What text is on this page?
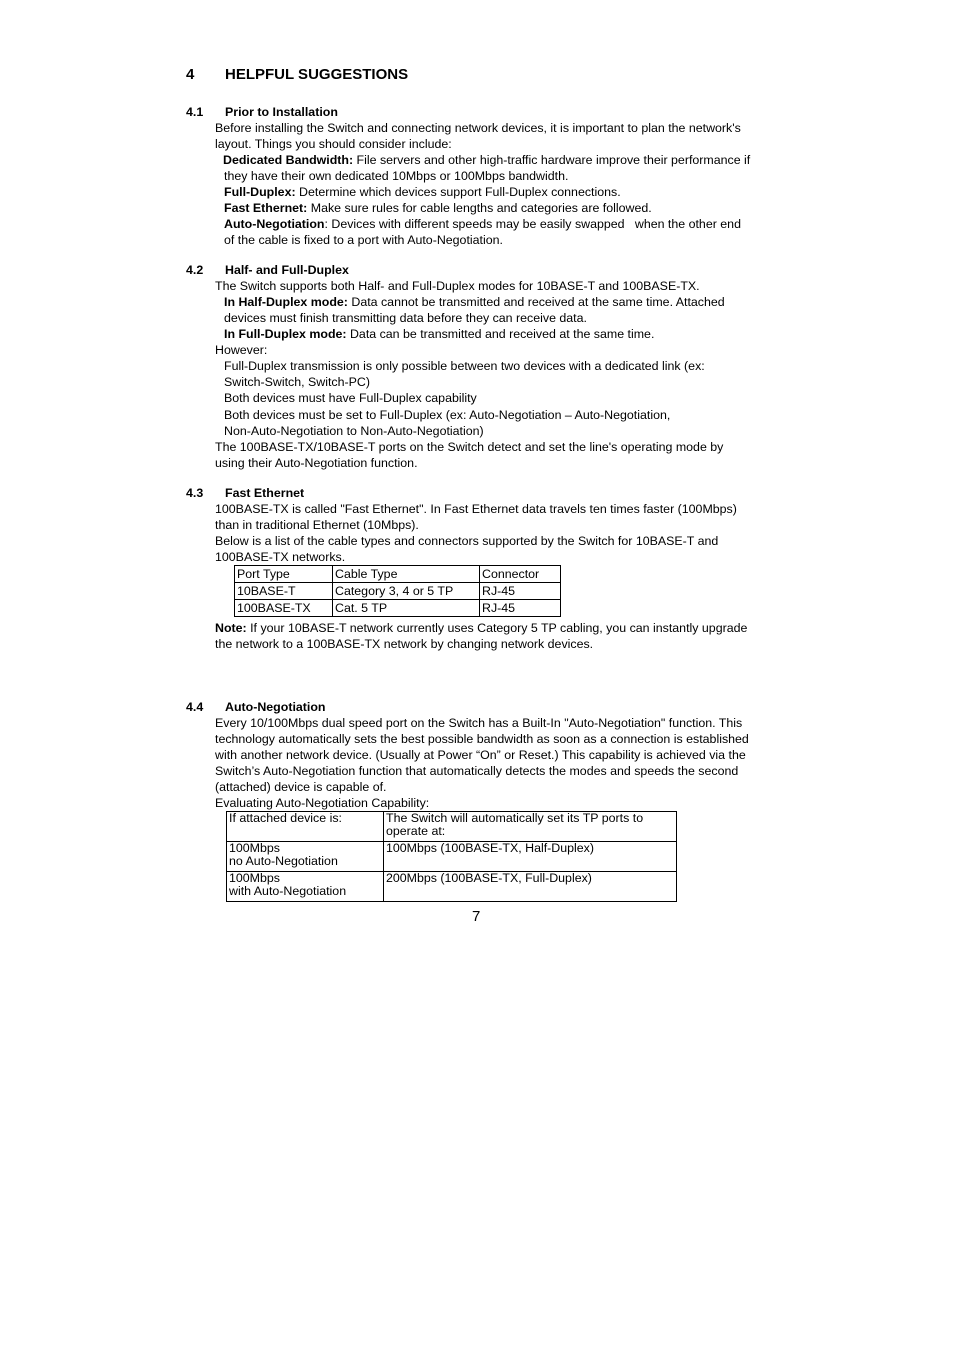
4 HELPFUL SUGGESTIONS
4.1 Prior to Installation
Before installing the Switch and connecting network devices, it is important to plan the network's
layout. Things you should consider include:
Dedicated Bandwidth: File servers and other high-traffic hardware improve their performance if
they have their own dedicated 10Mbps or 100Mbps bandwidth.
Full-Duplex: Determine which devices support Full-Duplex connections.
Fast Ethernet: Make sure rules for cable lengths and categories are followed.
Auto-Negotiation: Devices with different speeds may be easily swapped   when the other end
of the cable is fixed to a port with Auto-Negotiation.
4.2 Half- and Full-Duplex
The Switch supports both Half- and Full-Duplex modes for 10BASE-T and 100BASE-TX.
In Half-Duplex mode: Data cannot be transmitted and received at the same time. Attached
devices must finish transmitting data before they can receive data.
In Full-Duplex mode: Data can be transmitted and received at the same time.
However:
Full-Duplex transmission is only possible between two devices with a dedicated link (ex:
Switch-Switch, Switch-PC)
Both devices must have Full-Duplex capability
Both devices must be set to Full-Duplex (ex: Auto-Negotiation – Auto-Negotiation,
Non-Auto-Negotiation to Non-Auto-Negotiation)
The 100BASE-TX/10BASE-T ports on the Switch detect and set the line's operating mode by
using their Auto-Negotiation function.
4.3 Fast Ethernet
100BASE-TX is called "Fast Ethernet". In Fast Ethernet data travels ten times faster (100Mbps)
than in traditional Ethernet (10Mbps).
Below is a list of the cable types and connectors supported by the Switch for 10BASE-T and
100BASE-TX networks.
Port Type	Cable Type	Connector
10BASE-T	Category 3, 4 or 5 TP	RJ-45
100BASE-TX	Cat. 5 TP	RJ-45
Note: If your 10BASE-T network currently uses Category 5 TP cabling, you can instantly upgrade
the network to a 100BASE-TX network by changing network devices.
4.4 Auto-Negotiation
Every 10/100Mbps dual speed port on the Switch has a Built-In "Auto-Negotiation" function. This
technology automatically sets the best possible bandwidth as soon as a connection is established
with another network device. (Usually at Power “On” or Reset.) This capability is achieved via the
Switch’s Auto-Negotiation function that automatically detects the modes and speeds the second
(attached) device is capable of.
Evaluating Auto-Negotiation Capability:
If attached device is:	The Switch will automatically set its TP ports to
operate at:

100Mbps
no Auto-Negotiation	100Mbps (100BASE-TX, Half-Duplex)

100Mbps
with Auto-Negotiation	200Mbps (100BASE-TX, Full-Duplex)
7
